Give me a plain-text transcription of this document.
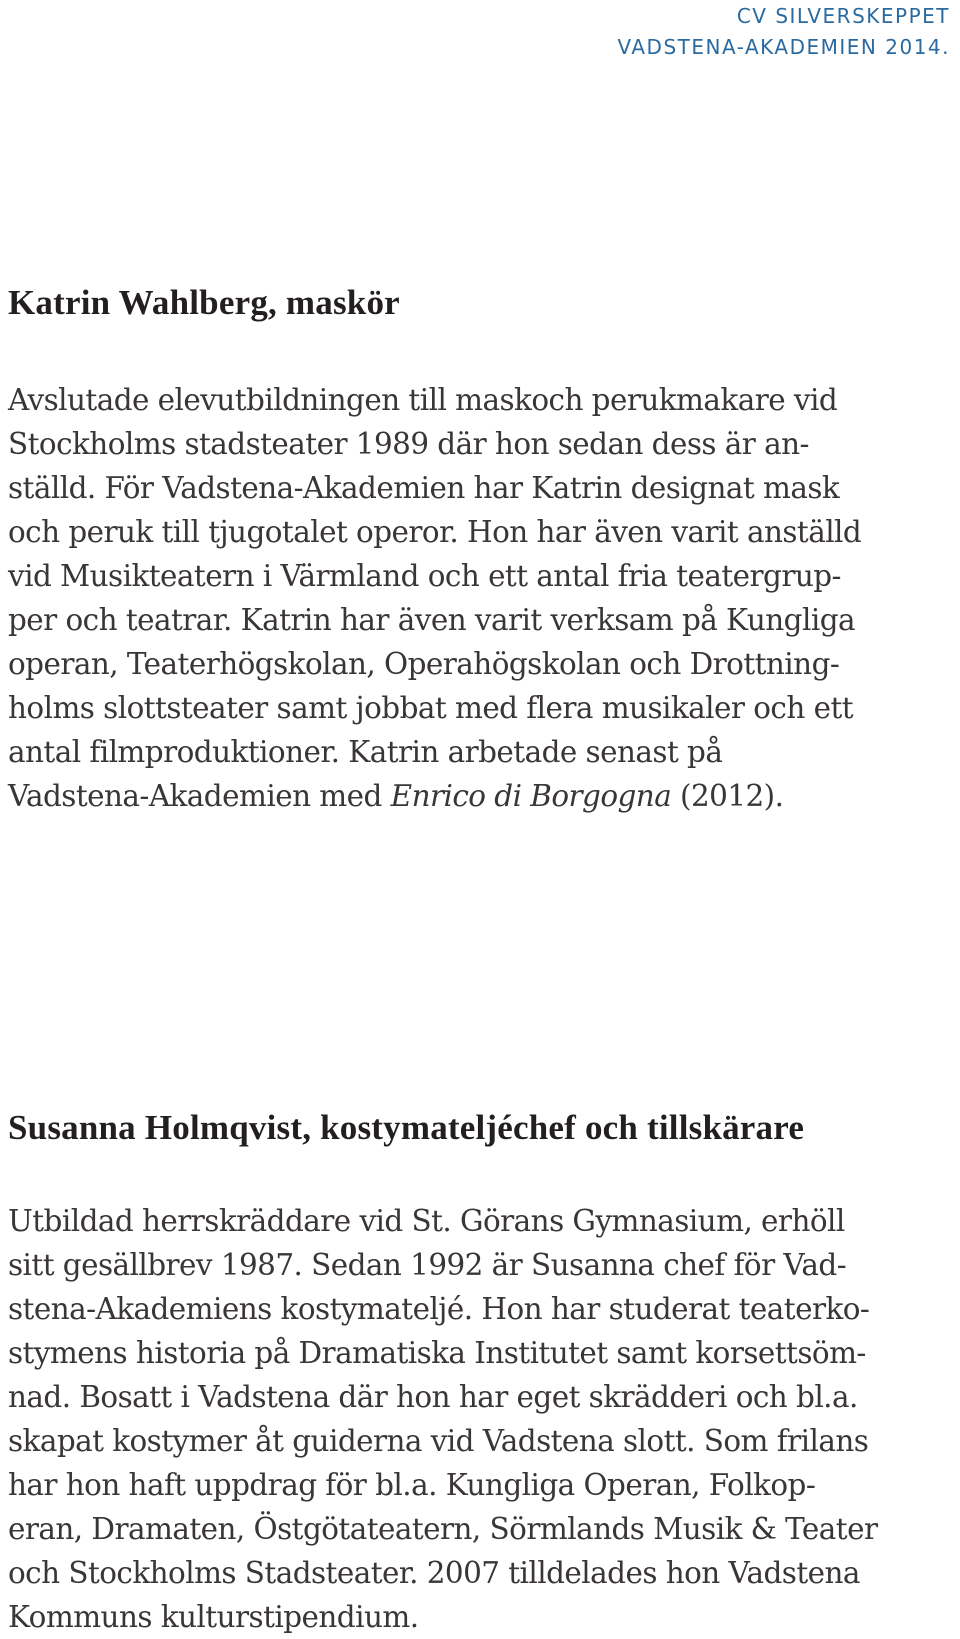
CV SILVERSKEPPET
VADSTENA-AKADEMIEN 2014.
Katrin Wahlberg, maskör

Avslutade elevutbildningen till maskoch perukmakare vid
Stockholms stadsteater 1989 där hon sedan dess är an-
ställd. För Vadstena-Akademien har Katrin designat mask
och peruk till tjugotalet operor. Hon har även varit anställd
vid Musikteatern i Värmland och ett antal fria teatergrup-
per och teatrar. Katrin har även varit verksam på Kungliga
operan, Teaterhögskolan, Operahögskolan och Drottning-
holms slottsteater samt jobbat med flera musikaler och ett
antal filmproduktioner. Katrin arbetade senast på
Vadstena-Akademien med Enrico di Borgogna (2012).

Susanna Holmqvist, kostymateljéchef och tillskärare

Utbildad herrskräddare vid St. Görans Gymnasium, erhöll
sitt gesällbrev 1987. Sedan 1992 är Susanna chef för Vad-
stena-Akademiens kostymateljé. Hon har studerat teaterko-
stymens historia på Dramatiska Institutet samt korsettsöm-
nad. Bosatt i Vadstena där hon har eget skrädderi och bl.a.
skapat kostymer åt guiderna vid Vadstena slott. Som frilans
har hon haft uppdrag för bl.a. Kungliga Operan, Folkop-
eran, Dramaten, Östgötateatern, Sörmlands Musik & Teater
och Stockholms Stadsteater. 2007 tilldelades hon Vadstena
Kommuns kulturstipendium.
